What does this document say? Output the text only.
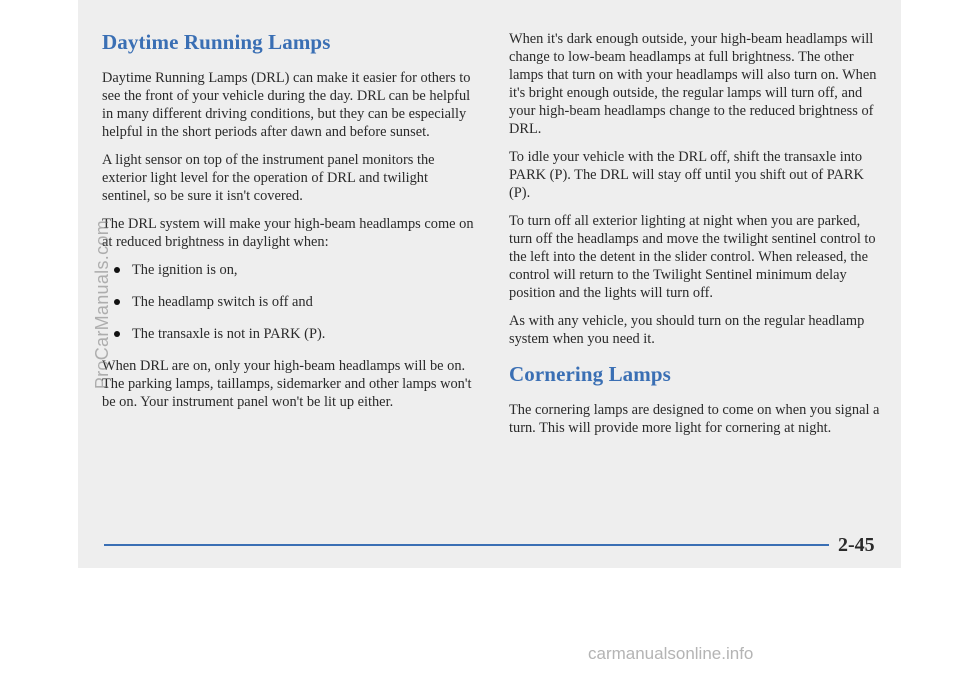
Daytime Running Lamps

Daytime Running Lamps (DRL) can make it easier for others to see the front of your vehicle during the day. DRL can be helpful in many different driving conditions, but they can be especially helpful in the short periods after dawn and before sunset.

A light sensor on top of the instrument panel monitors the exterior light level for the operation of DRL and twilight sentinel, so be sure it isn't covered.

The DRL system will make your high-beam headlamps come on at reduced brightness in daylight when:

The ignition is on,
The headlamp switch is off and
The transaxle is not in PARK (P).

When DRL are on, only your high-beam headlamps will be on. The parking lamps, taillamps, sidemarker and other lamps won't be on. Your instrument panel won't be lit up either.

When it's dark enough outside, your high-beam headlamps will change to low-beam headlamps at full brightness. The other lamps that turn on with your headlamps will also turn on. When it's bright enough outside, the regular lamps will turn off, and your high-beam headlamps change to the reduced brightness of DRL.

To idle your vehicle with the DRL off, shift the transaxle into PARK (P). The DRL will stay off until you shift out of PARK (P).

To turn off all exterior lighting at night when you are parked, turn off the headlamps and move the twilight sentinel control to the left into the detent in the slider control. When released, the control will return to the Twilight Sentinel minimum delay position and the lights will turn off.

As with any vehicle, you should turn on the regular headlamp system when you need it.

Cornering Lamps

The cornering lamps are designed to come on when you signal a turn. This will provide more light for cornering at night.

2-45
ProCarManuals.com
carmanualsonline.info
